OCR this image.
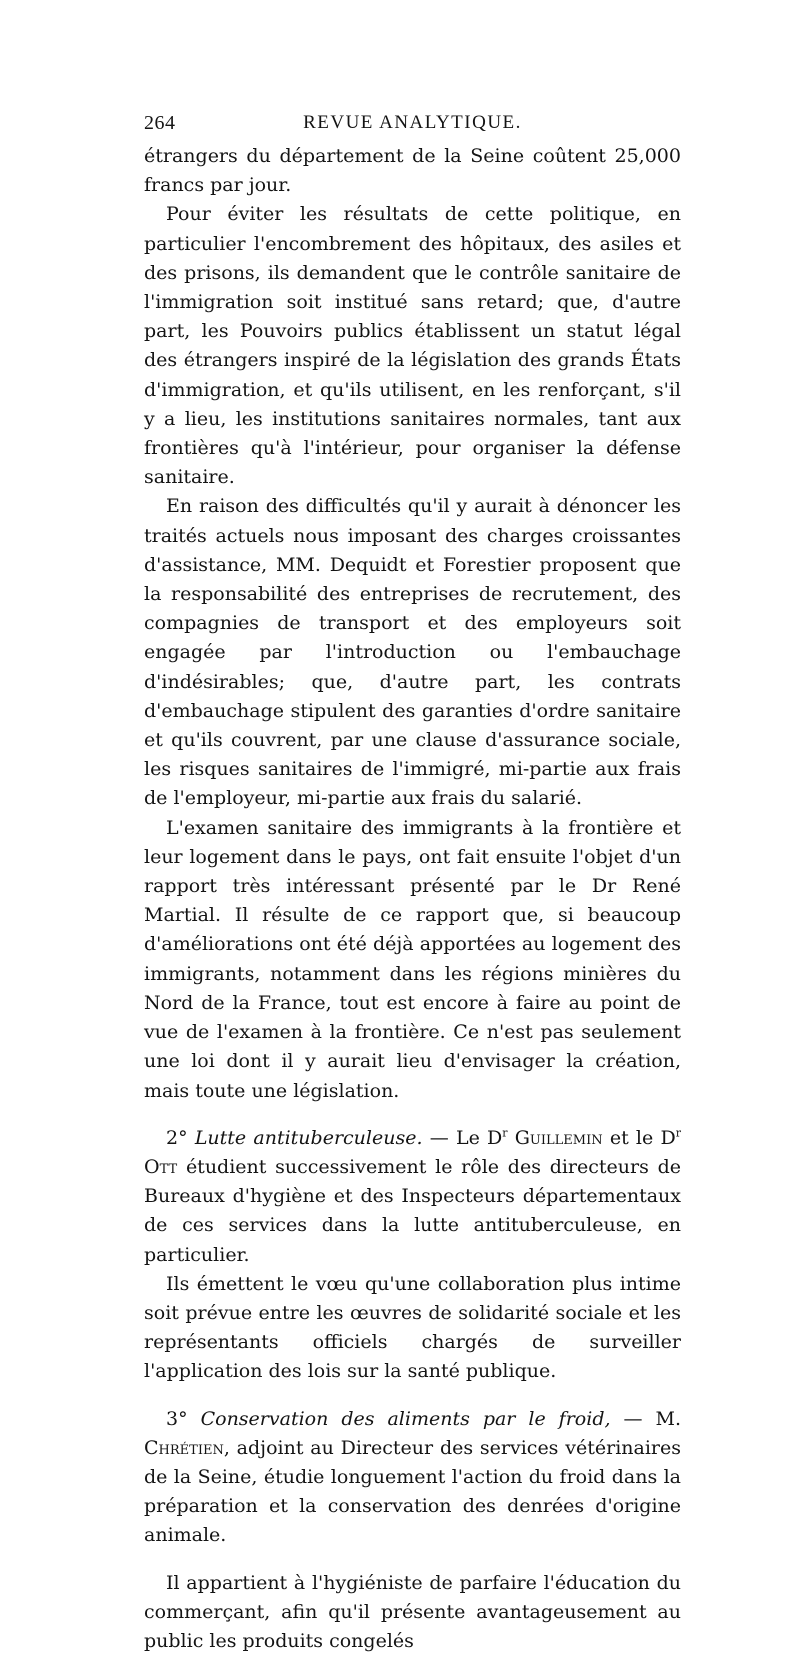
264	REVUE ANALYTIQUE.

étrangers du département de la Seine coûtent 25,000 francs par jour.

Pour éviter les résultats de cette politique, en particulier l'encombrement des hôpitaux, des asiles et des prisons, ils demandent que le contrôle sanitaire de l'immigration soit institué sans retard; que, d'autre part, les Pouvoirs publics établissent un statut légal des étrangers inspiré de la législation des grands États d'immigration, et qu'ils utilisent, en les renforçant, s'il y a lieu, les institutions sanitaires normales, tant aux frontières qu'à l'intérieur, pour organiser la défense sanitaire.

En raison des difficultés qu'il y aurait à dénoncer les traités actuels nous imposant des charges croissantes d'assistance, MM. Dequidt et Forestier proposent que la responsabilité des entreprises de recrutement, des compagnies de transport et des employeurs soit engagée par l'introduction ou l'embauchage d'indésirables; que, d'autre part, les contrats d'embauchage stipulent des garanties d'ordre sanitaire et qu'ils couvrent, par une clause d'assurance sociale, les risques sanitaires de l'immigré, mi-partie aux frais de l'employeur, mi-partie aux frais du salarié.

L'examen sanitaire des immigrants à la frontière et leur logement dans le pays, ont fait ensuite l'objet d'un rapport très intéressant présenté par le Dr René Martial. Il résulte de ce rapport que, si beaucoup d'améliorations ont été déjà apportées au logement des immigrants, notamment dans les régions minières du Nord de la France, tout est encore à faire au point de vue de l'examen à la frontière. Ce n'est pas seulement une loi dont il y aurait lieu d'envisager la création, mais toute une législation.

2° Lutte antituberculeuse. — Le $D^r$ Guillemin et le $D^r$ Ott étudient successivement le rôle des directeurs de Bureaux d'hygiène et des Inspecteurs départementaux de ces services dans la lutte antituberculeuse, en particulier.

Ils émettent le vœu qu'une collaboration plus intime soit prévue entre les œuvres de solidarité sociale et les représentants officiels chargés de surveiller l'application des lois sur la santé publique.

3° Conservation des aliments par le froid, — M. Chrétien, adjoint au Directeur des services vétérinaires de la Seine, étudie longuement l'action du froid dans la préparation et la conservation des denrées d'origine animale.

Il appartient à l'hygiéniste de parfaire l'éducation du commerçant, afin qu'il présente avantageusement au public les produits congelés
